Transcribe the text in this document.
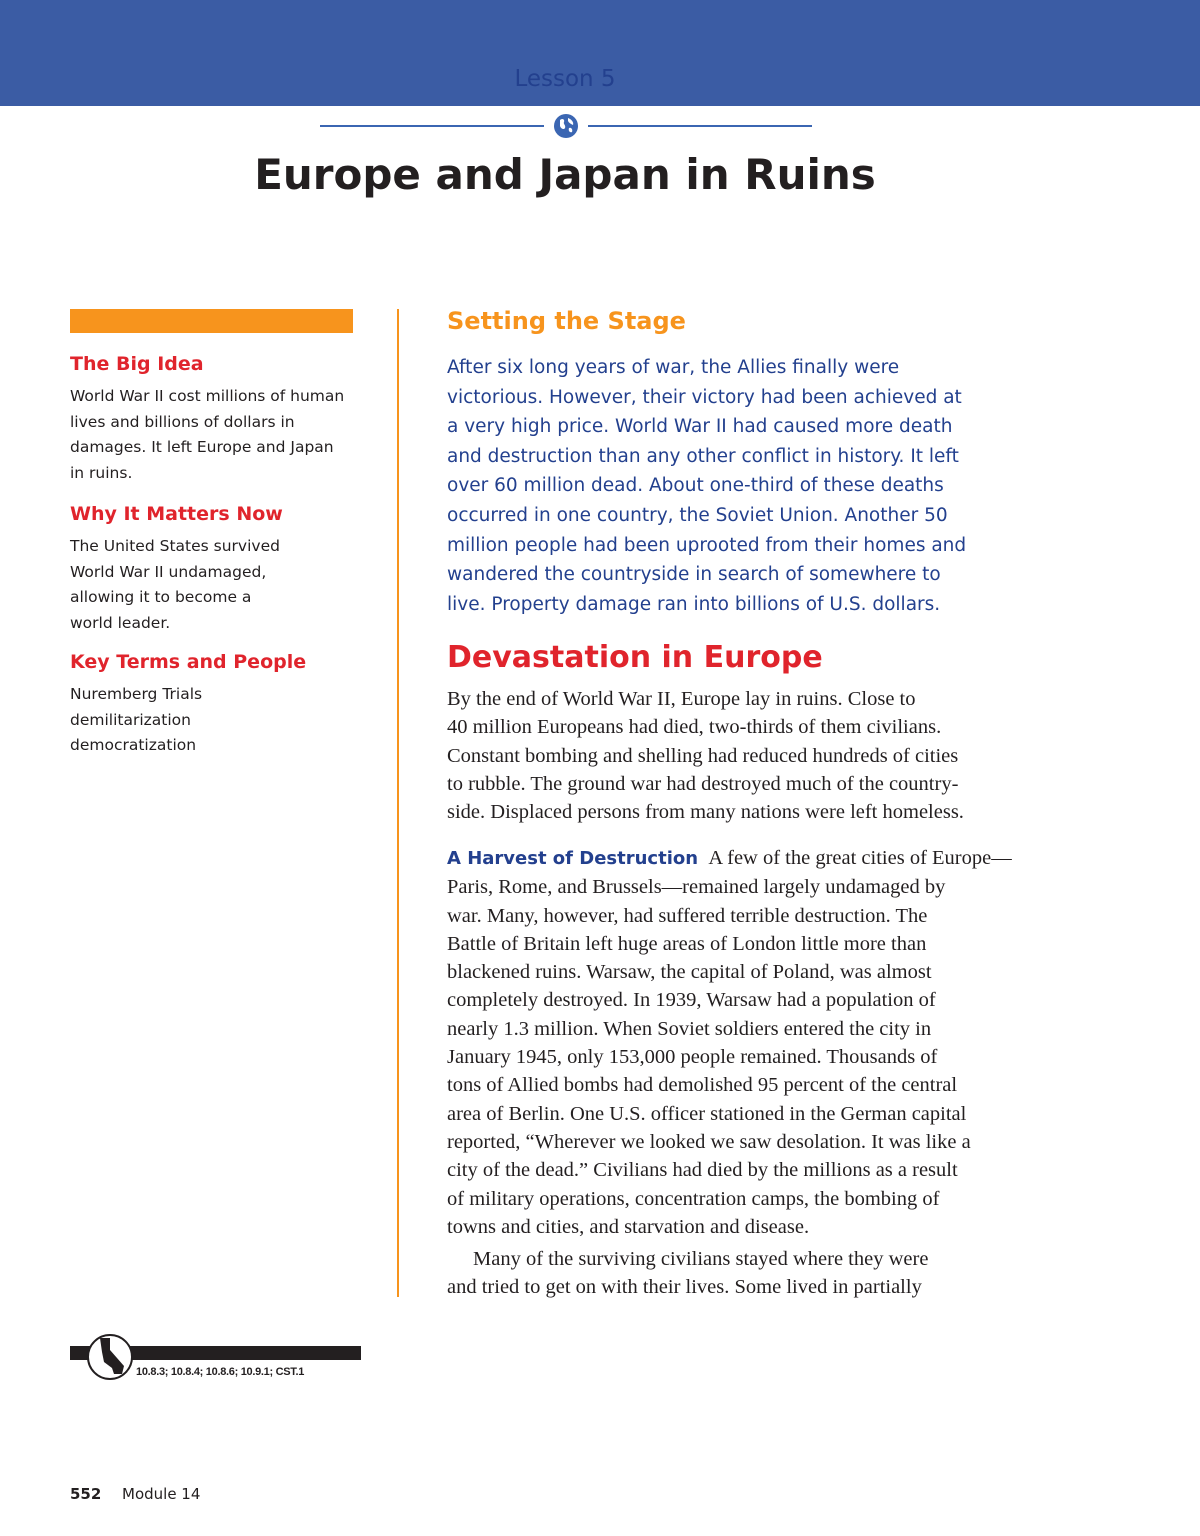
Lesson 5
Europe and Japan in Ruins
The Big Idea

World War II cost millions of human lives and billions of dollars in damages. It left Europe and Japan in ruins.

Why It Matters Now

The United States survived World War II undamaged, allowing it to become a world leader.

Key Terms and People
Nuremberg Trials
demilitarization
democratization
Setting the Stage

After six long years of war, the Allies finally were
victorious. However, their victory had been achieved at
a very high price. World War II had caused more death
and destruction than any other conflict in history. It left
over 60 million dead. About one-third of these deaths
occurred in one country, the Soviet Union. Another 50
million people had been uprooted from their homes and
wandered the countryside in search of somewhere to
live. Property damage ran into billions of U.S. dollars.

Devastation in Europe

By the end of World War II, Europe lay in ruins. Close to
40 million Europeans had died, two-thirds of them civilians.
Constant bombing and shelling had reduced hundreds of cities
to rubble. The ground war had destroyed much of the country-
side. Displaced persons from many nations were left homeless.

A Harvest of Destruction A few of the great cities of Europe—
Paris, Rome, and Brussels—remained largely undamaged by
war. Many, however, had suffered terrible destruction. The
Battle of Britain left huge areas of London little more than
blackened ruins. Warsaw, the capital of Poland, was almost
completely destroyed. In 1939, Warsaw had a population of
nearly 1.3 million. When Soviet soldiers entered the city in
January 1945, only 153,000 people remained. Thousands of
tons of Allied bombs had demolished 95 percent of the central
area of Berlin. One U.S. officer stationed in the German capital
reported, “Wherever we looked we saw desolation. It was like a
city of the dead.” Civilians had died by the millions as a result
of military operations, concentration camps, the bombing of
towns and cities, and starvation and disease.

Many of the surviving civilians stayed where they were
and tried to get on with their lives. Some lived in partially

10.8.3; 10.8.4; 10.8.6; 10.9.1; CST.1
552 Module 14
